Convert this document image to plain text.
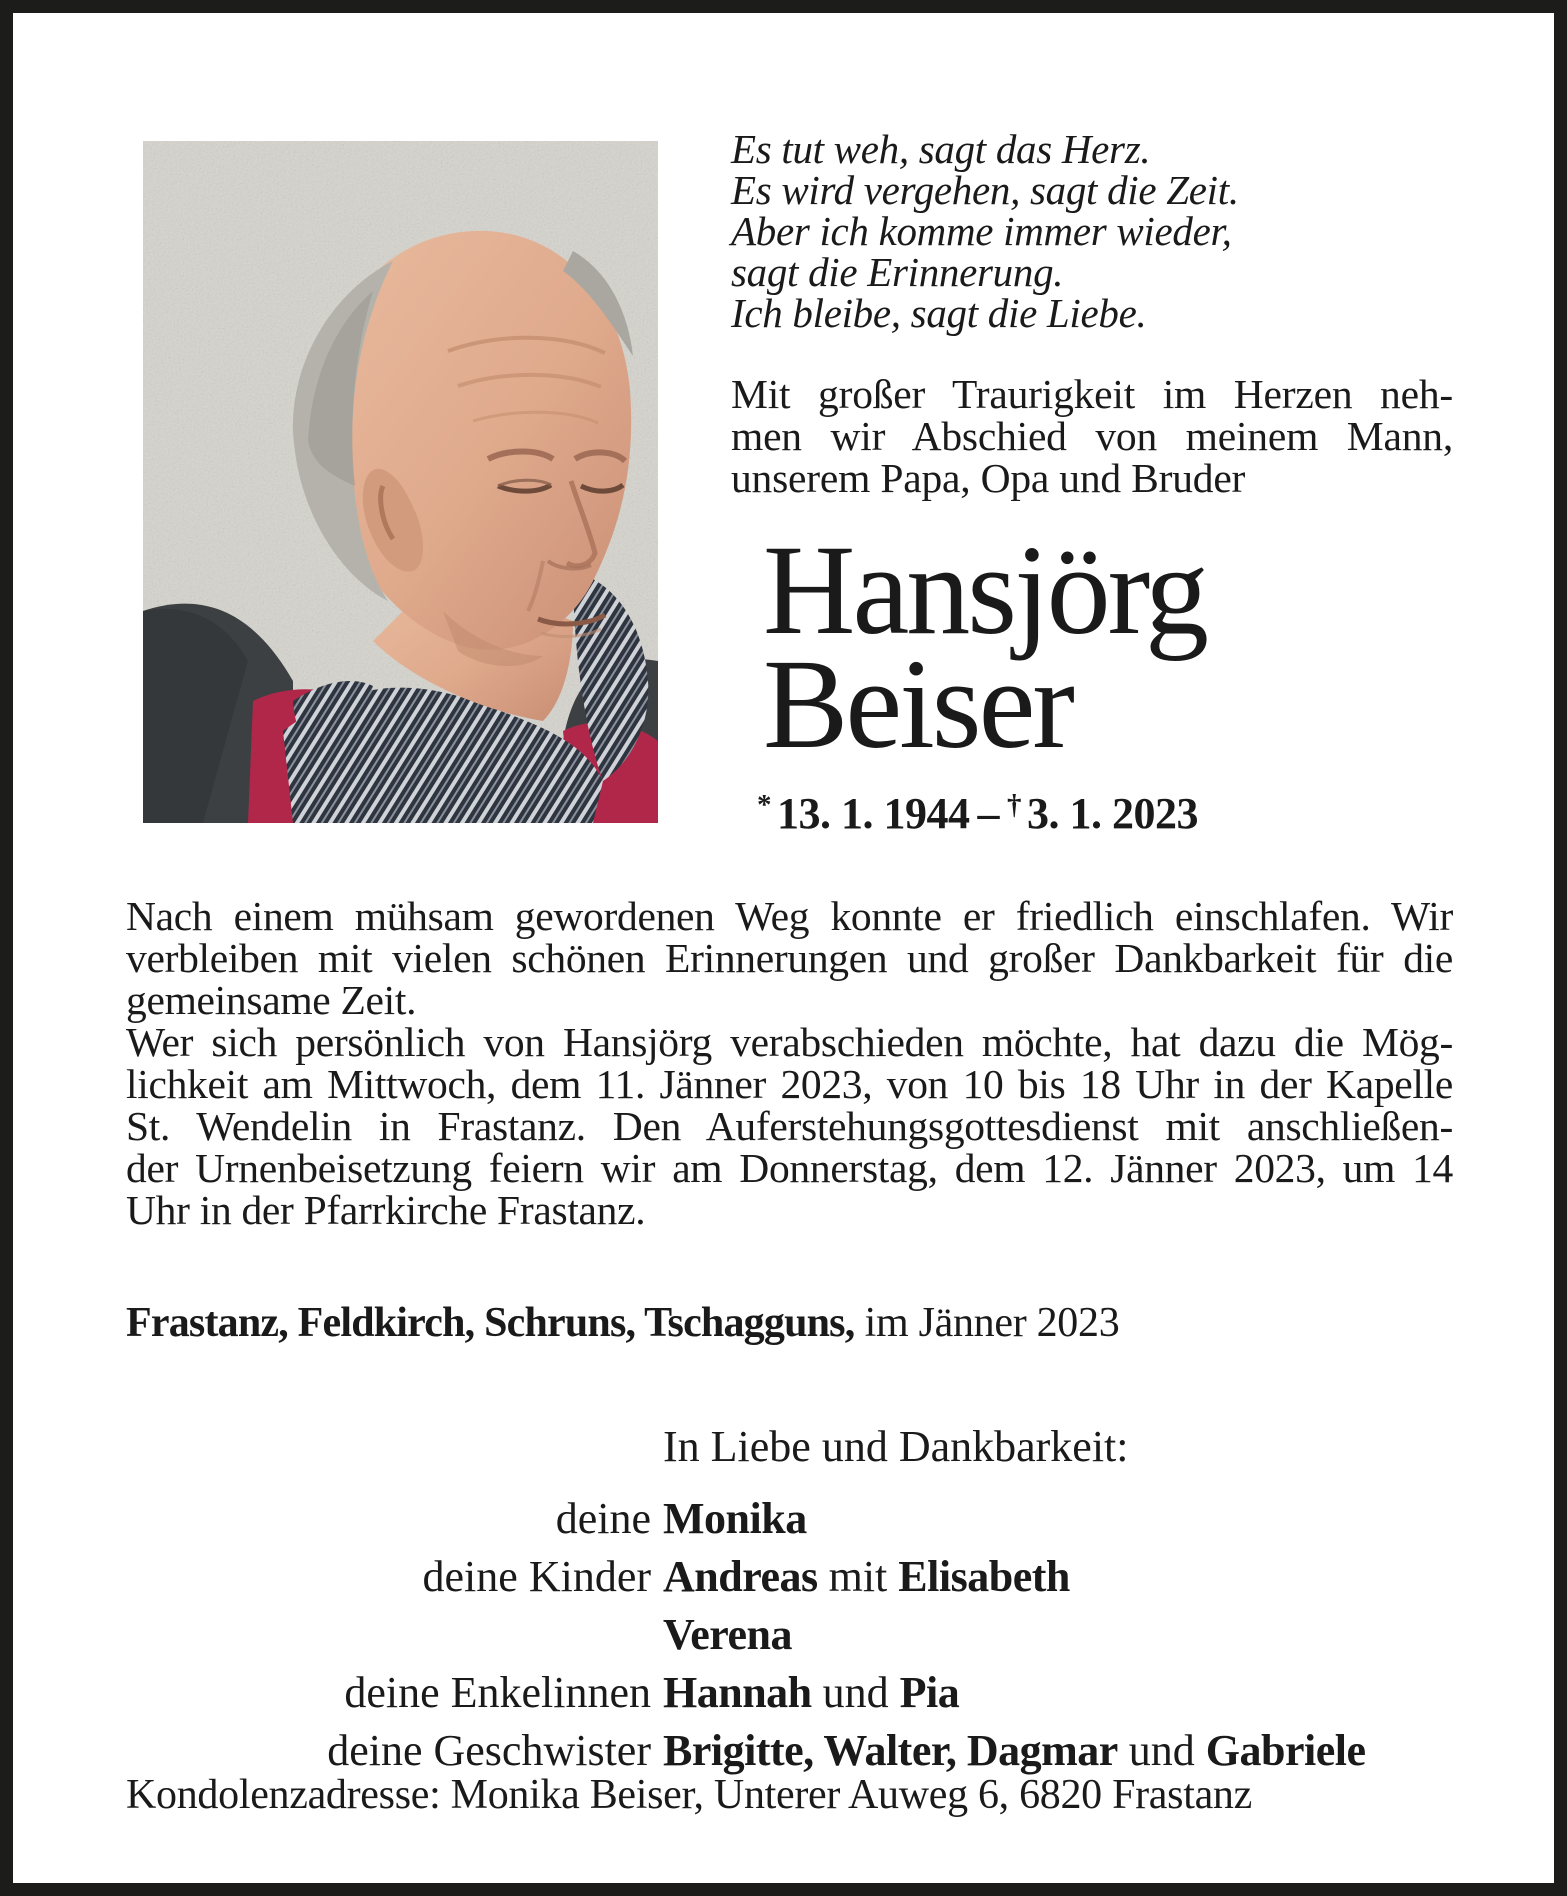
Es tut weh, sagt das Herz.
Es wird vergehen, sagt die Zeit.
Aber ich komme immer wieder,
sagt die Erinnerung.
Ich bleibe, sagt die Liebe.
Mit großer Traurigkeit im Herzen neh-
men wir Abschied von meinem Mann,
unserem Papa, Opa und Bruder
Hansjörg
Beiser
* 13. 1. 1944 – † 3. 1. 2023
Nach einem mühsam gewordenen Weg konnte er friedlich einschlafen. Wir
verbleiben mit vielen schönen Erinnerungen und großer Dankbarkeit für die
gemeinsame Zeit.
Wer sich persönlich von Hansjörg verabschieden möchte, hat dazu die Mög-
lichkeit am Mittwoch, dem 11. Jänner 2023, von 10 bis 18 Uhr in der Kapelle
St. Wendelin in Frastanz. Den Auferstehungsgottesdienst mit anschließen-
der Urnenbeisetzung feiern wir am Donnerstag, dem 12. Jänner 2023, um 14
Uhr in der Pfarrkirche Frastanz.
Frastanz, Feldkirch, Schruns, Tschagguns, im Jänner 2023
In Liebe und Dankbarkeit:
deine Monika
deine Kinder Andreas mit Elisabeth
Verena
deine Enkelinnen Hannah und Pia
deine Geschwister Brigitte, Walter, Dagmar und Gabriele
Kondolenzadresse: Monika Beiser, Unterer Auweg 6, 6820 Frastanz
